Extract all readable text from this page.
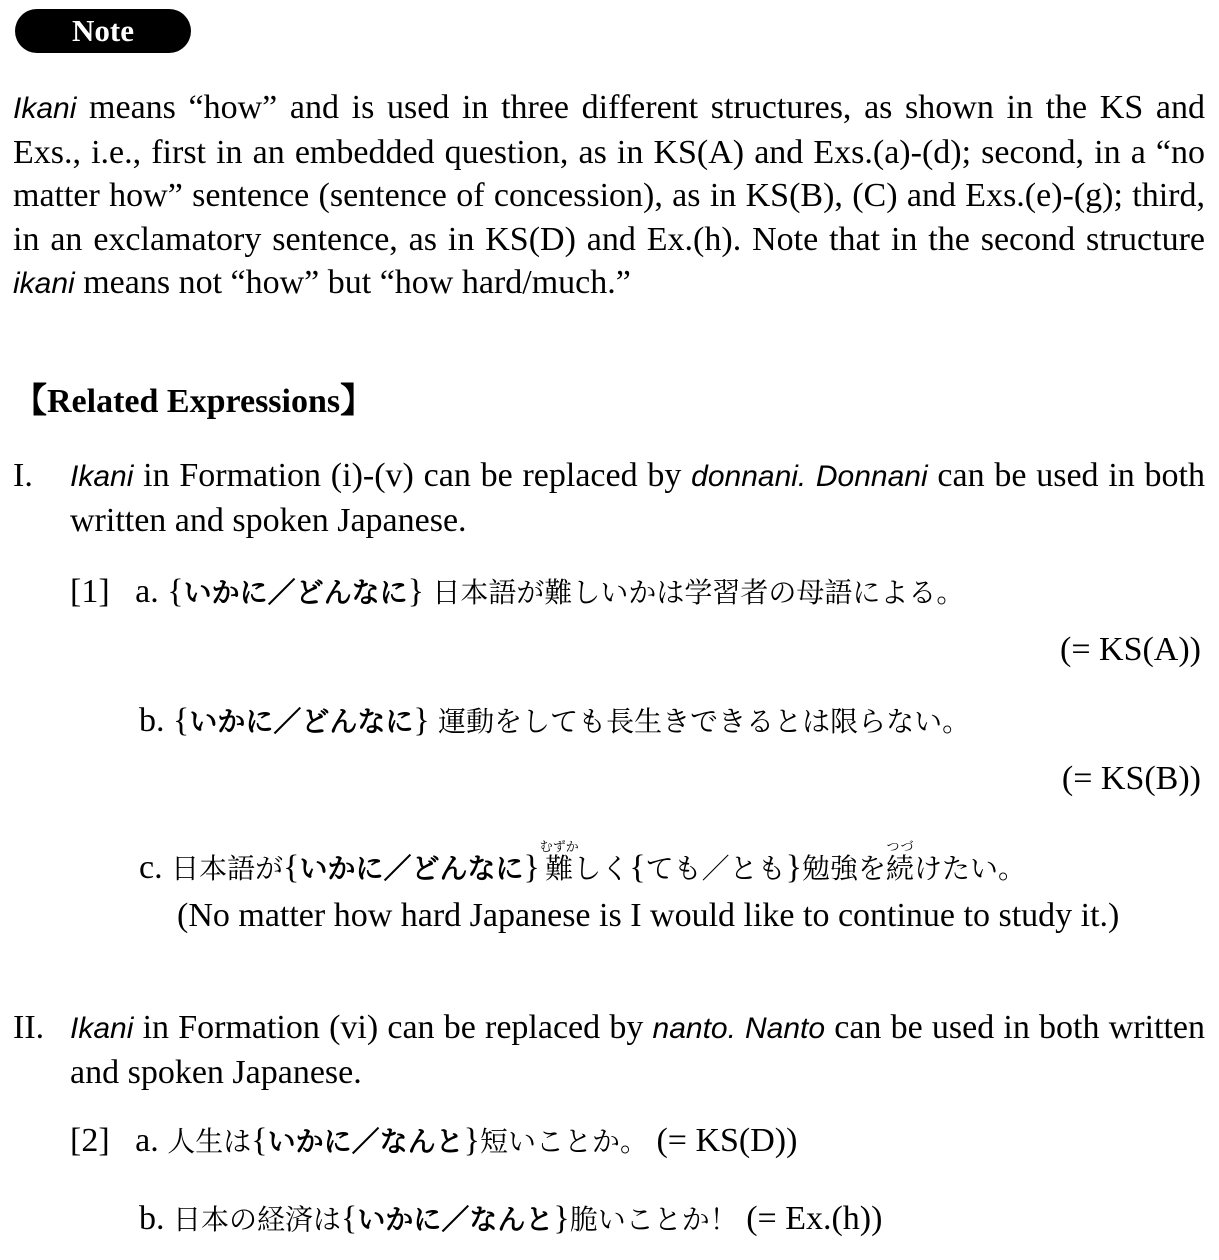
Note

Ikani means “how” and is used in three different structures, as shown in the KS and Exs., i.e., first in an embedded question, as in KS(A) and Exs.(a)-(d); second, in a “no matter how” sentence (sentence of concession), as in KS(B), (C) and Exs.(e)-(g); third, in an exclamatory sentence, as in KS(D) and Ex.(h). Note that in the second structure ikani means not “how” but “how hard/much.”

【Related Expressions】
I. Ikani in Formation (i)-(v) can be replaced by donnani. Donnani can be used in both written and spoken Japanese.
[1] a. {いかに／どんなに} 日本語が難しいかは学習者の母語による。
(= KS(A))
b. {いかに／どんなに} 運動をしても長生きできるとは限らない。
(= KS(B))
c. 日本語が{いかに／どんなに}難むずかしく{ても／とも}勉強を続つづけたい。
(No matter how hard Japanese is I would like to continue to study it.)
II. Ikani in Formation (vi) can be replaced by nanto. Nanto can be used in both written and spoken Japanese.
[2] a. 人生は{いかに／なんと}短いことか。 (= KS(D))
b. 日本の経済は{いかに／なんと}脆いことか！ (= Ex.(h))
